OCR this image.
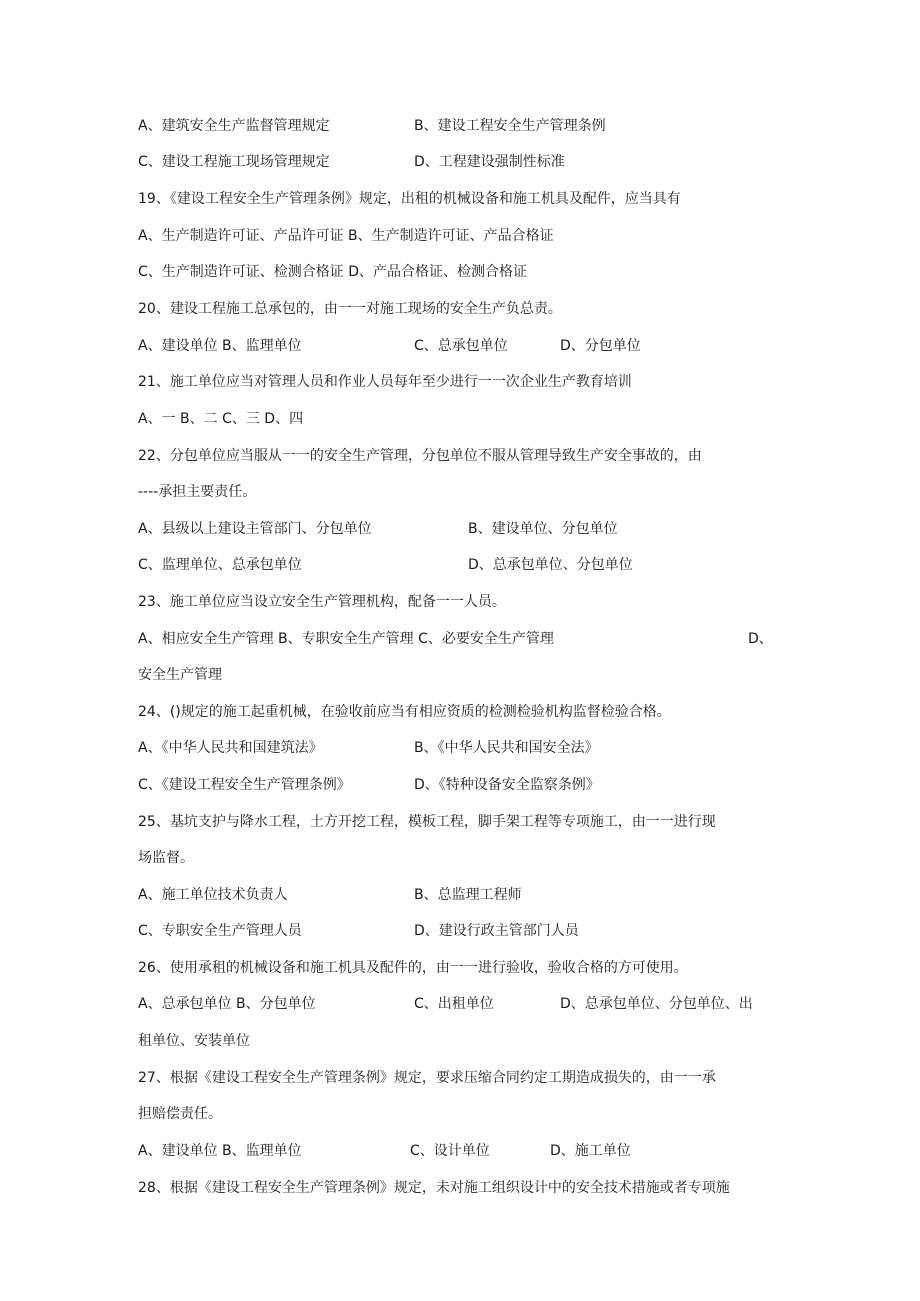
A、建筑安全生产监督管理规定	B、建设工程安全生产管理条例

C、建设工程施工现场管理规定	D、工程建设强制性标准

19、《建设工程安全生产管理条例》规定，出租的机械设备和施工机具及配件，应当具有

A、生产制造许可证、产品许可证 B、生产制造许可证、产品合格证

C、生产制造许可证、检测合格证 D、产品合格证、检测合格证

20、建设工程施工总承包的，由一一对施工现场的安全生产负总责。

A、建设单位 B、监理单位	C、总承包单位	D、分包单位

21、施工单位应当对管理人员和作业人员每年至少进行一一次企业生产教育培训

A、一 B、二 C、三 D、四

22、分包单位应当服从一一的安全生产管理，分包单位不服从管理导致生产安全事故的，由

----承担主要责任。

A、县级以上建设主管部门、分包单位	B、建设单位、分包单位

C、监理单位、总承包单位	D、总承包单位、分包单位

23、施工单位应当设立安全生产管理机构，配备一一人员。

A、相应安全生产管理 B、专职安全生产管理 C、必要安全生产管理	D、

安全生产管理

24、()规定的施工起重机械，在验收前应当有相应资质的检测检验机构监督检验合格。

A、《中华人民共和国建筑法》	B、《中华人民共和国安全法》

C、《建设工程安全生产管理条例》	D、《特种设备安全监察条例》

25、基坑支护与降水工程，土方开挖工程，模板工程，脚手架工程等专项施工，由一一进行现

场监督。

A、施工单位技术负责人	B、总监理工程师

C、专职安全生产管理人员	D、建设行政主管部门人员

26、使用承租的机械设备和施工机具及配件的，由一一进行验收，验收合格的方可使用。

A、总承包单位 B、分包单位	C、出租单位	D、总承包单位、分包单位、出

租单位、安装单位

27、根据《建设工程安全生产管理条例》规定，要求压缩合同约定工期造成损失的，由一一承

担赔偿责任。

A、建设单位 B、监理单位	C、设计单位	D、施工单位

28、根据《建设工程安全生产管理条例》规定，未对施工组织设计中的安全技术措施或者专项施
